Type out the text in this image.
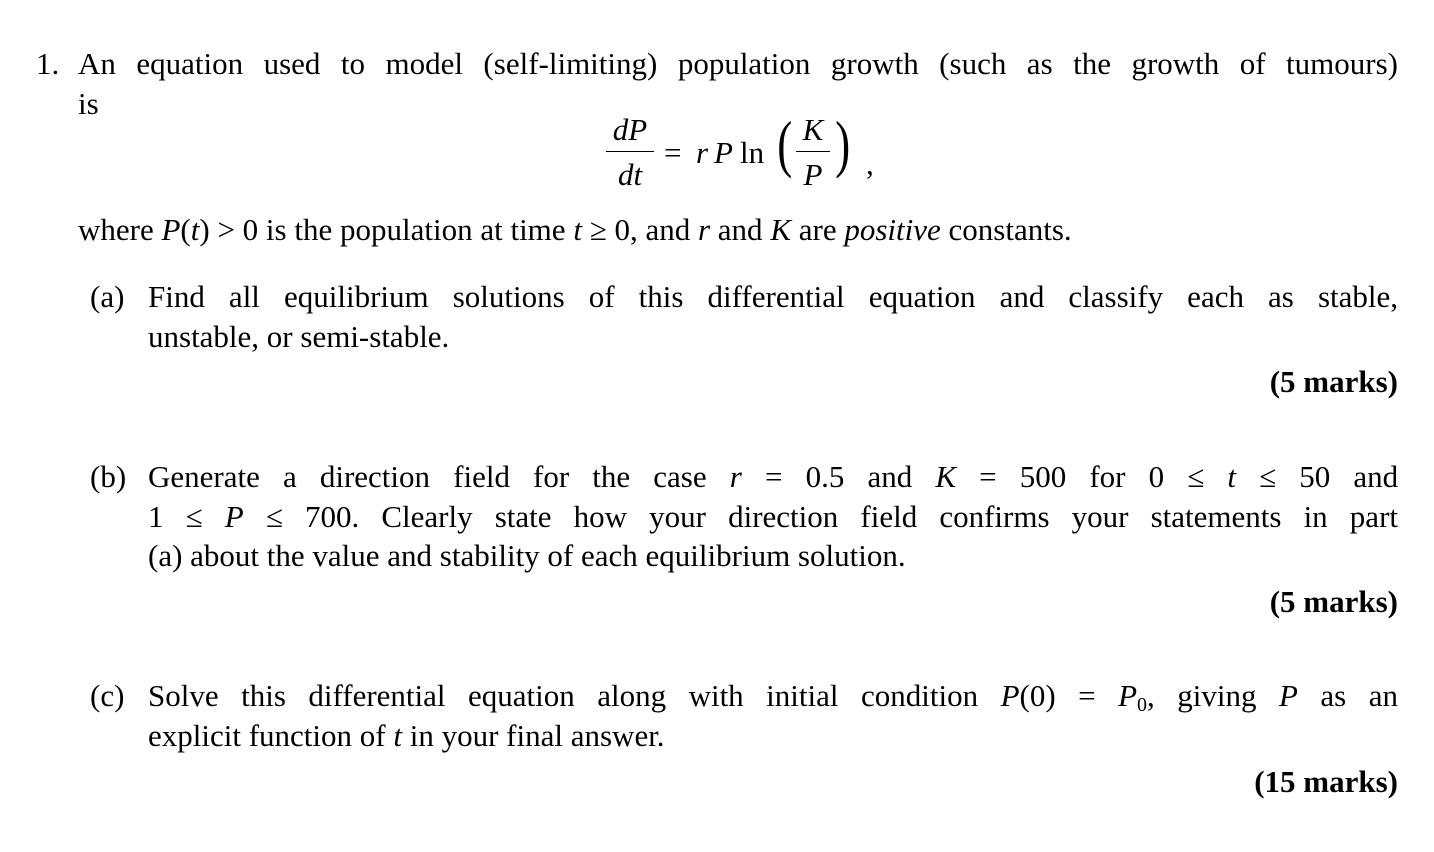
1. An equation used to model (self-limiting) population growth (such as the growth of tumours)
is
dP
dt
= r P ln ( K
P ) ,
where P(t) > 0 is the population at time t ≥ 0, and r and K are positive constants.
(a) Find all equilibrium solutions of this differential equation and classify each as stable,
unstable, or semi-stable.
(5 marks)
(b) Generate a direction field for the case r = 0.5 and K = 500 for 0 ≤ t ≤ 50 and
1 ≤ P ≤ 700. Clearly state how your direction field confirms your statements in part
(a) about the value and stability of each equilibrium solution.
(5 marks)
(c) Solve this differential equation along with initial condition $P(0) = P_0$, giving P as an
explicit function of t in your final answer.
(15 marks)
